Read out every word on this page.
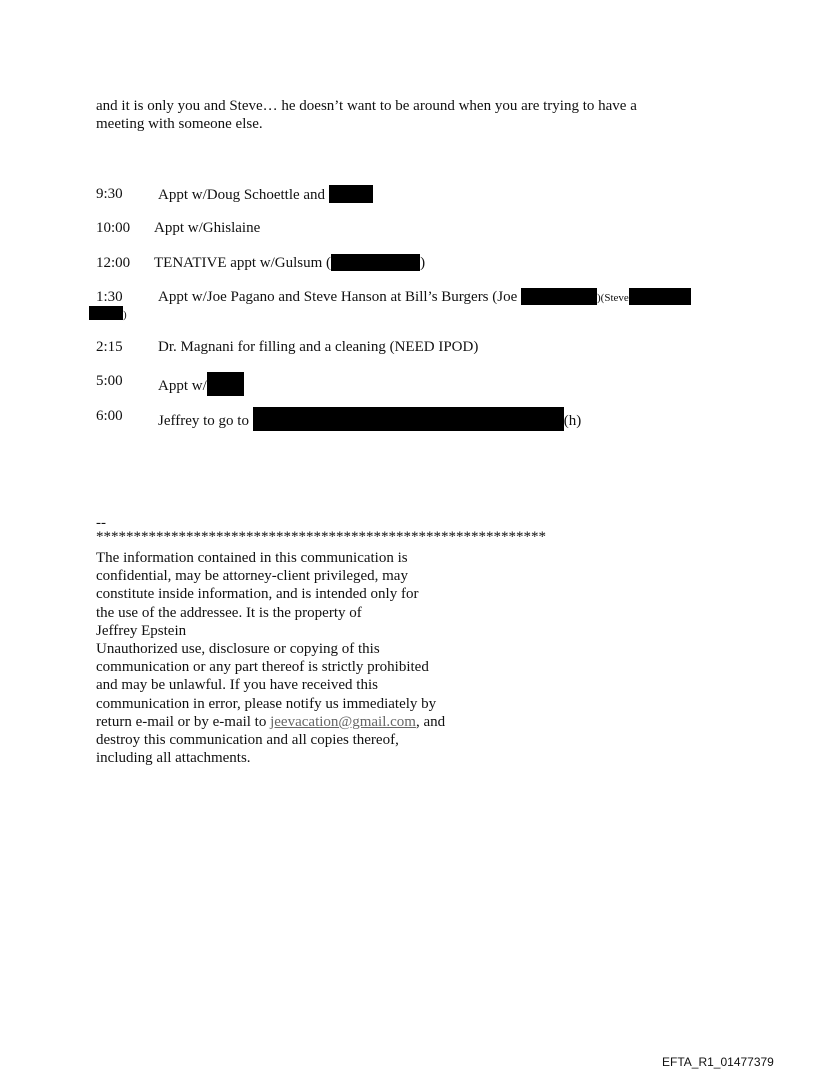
and it is only you and Steve… he doesn’t want to be around when you are trying to have a
meeting with someone else.

9:30 Appt w/Doug Schoettle and
10:00 Appt w/Ghislaine
12:00 TENATIVE appt w/Gulsum (	)
1:30 Appt w/Joe Pagano and Steve Hanson at Bill’s Burgers (Joe	)(Steve
)
2:15 Dr. Magnani for filling and a cleaning (NEED IPOD)
5:00 Appt w/
6:00 Jeffrey to go to	(h)
--
************************************************************
The information contained in this communication is
confidential, may be attorney-client privileged, may
constitute inside information, and is intended only for
the use of the addressee. It is the property of
Jeffrey Epstein
Unauthorized use, disclosure or copying of this
communication or any part thereof is strictly prohibited
and may be unlawful. If you have received this
communication in error, please notify us immediately by
return e-mail or by e-mail to jeevacation@gmail.com, and
destroy this communication and all copies thereof,
including all attachments.
EFTA_R1_01477379
